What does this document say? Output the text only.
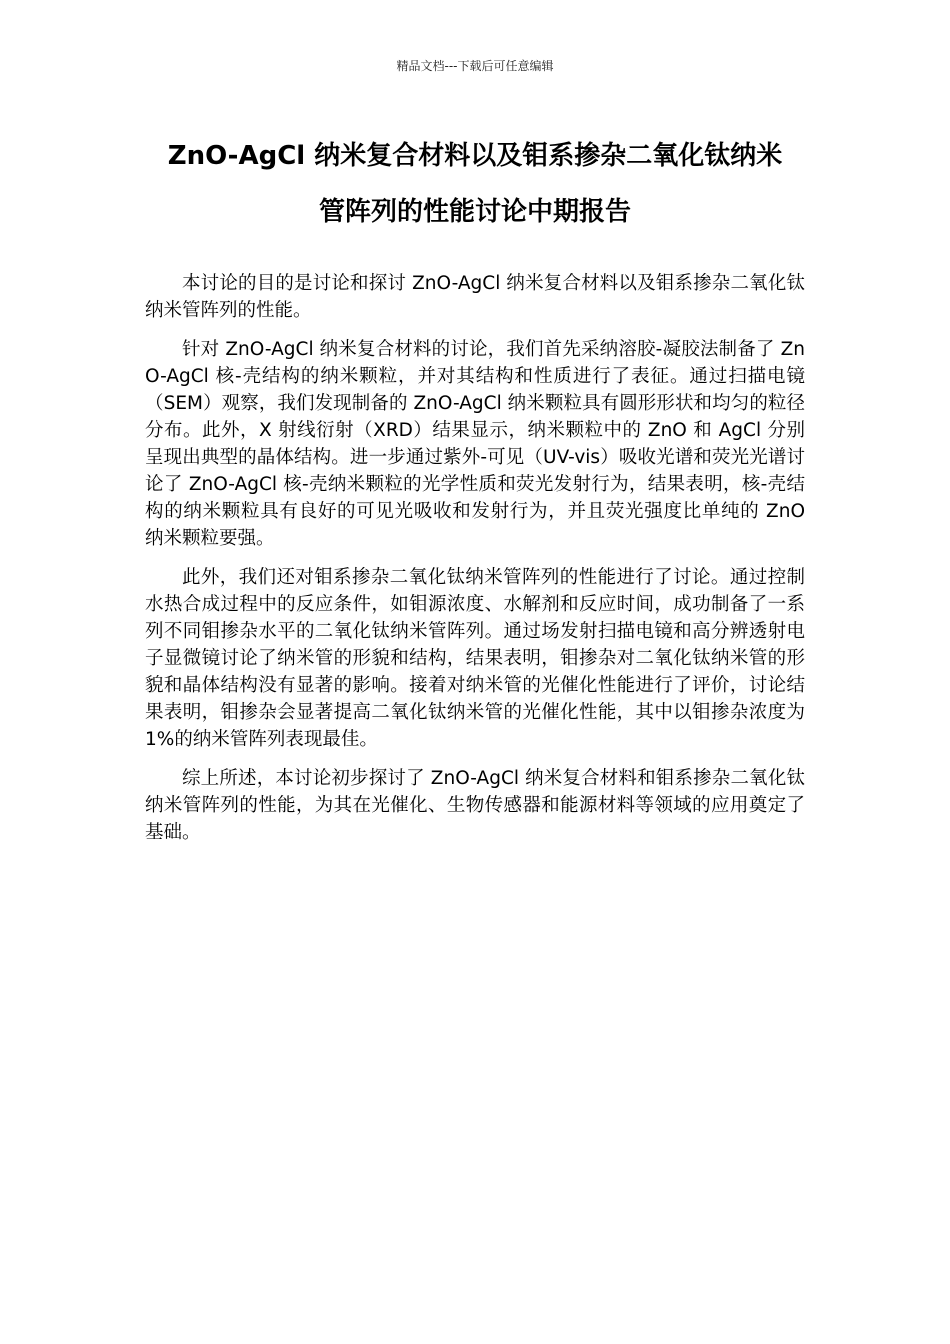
精品文档---下载后可任意编辑
ZnO-AgCl 纳米复合材料以及钼系掺杂二氧化钛纳米
管阵列的性能讨论中期报告

本讨论的目的是讨论和探讨 ZnO-AgCl 纳米复合材料以及钼系掺杂二氧化钛纳米管阵列的性能。

针对 ZnO-AgCl 纳米复合材料的讨论，我们首先采纳溶胶-凝胶法制备了 ZnO-AgCl 核-壳结构的纳米颗粒，并对其结构和性质进行了表征。通过扫描电镜（SEM）观察，我们发现制备的 ZnO-AgCl 纳米颗粒具有圆形形状和均匀的粒径分布。此外，X 射线衍射（XRD）结果显示，纳米颗粒中的 ZnO 和 AgCl 分别呈现出典型的晶体结构。进一步通过紫外-可见（UV-vis）吸收光谱和荧光光谱讨论了 ZnO-AgCl 核-壳纳米颗粒的光学性质和荧光发射行为，结果表明，核-壳结构的纳米颗粒具有良好的可见光吸收和发射行为，并且荧光强度比单纯的 ZnO 纳米颗粒要强。

此外，我们还对钼系掺杂二氧化钛纳米管阵列的性能进行了讨论。通过控制水热合成过程中的反应条件，如钼源浓度、水解剂和反应时间，成功制备了一系列不同钼掺杂水平的二氧化钛纳米管阵列。通过场发射扫描电镜和高分辨透射电子显微镜讨论了纳米管的形貌和结构，结果表明，钼掺杂对二氧化钛纳米管的形貌和晶体结构没有显著的影响。接着对纳米管的光催化性能进行了评价，讨论结果表明，钼掺杂会显著提高二氧化钛纳米管的光催化性能，其中以钼掺杂浓度为 1%的纳米管阵列表现最佳。

综上所述，本讨论初步探讨了 ZnO-AgCl 纳米复合材料和钼系掺杂二氧化钛纳米管阵列的性能，为其在光催化、生物传感器和能源材料等领域的应用奠定了基础。
